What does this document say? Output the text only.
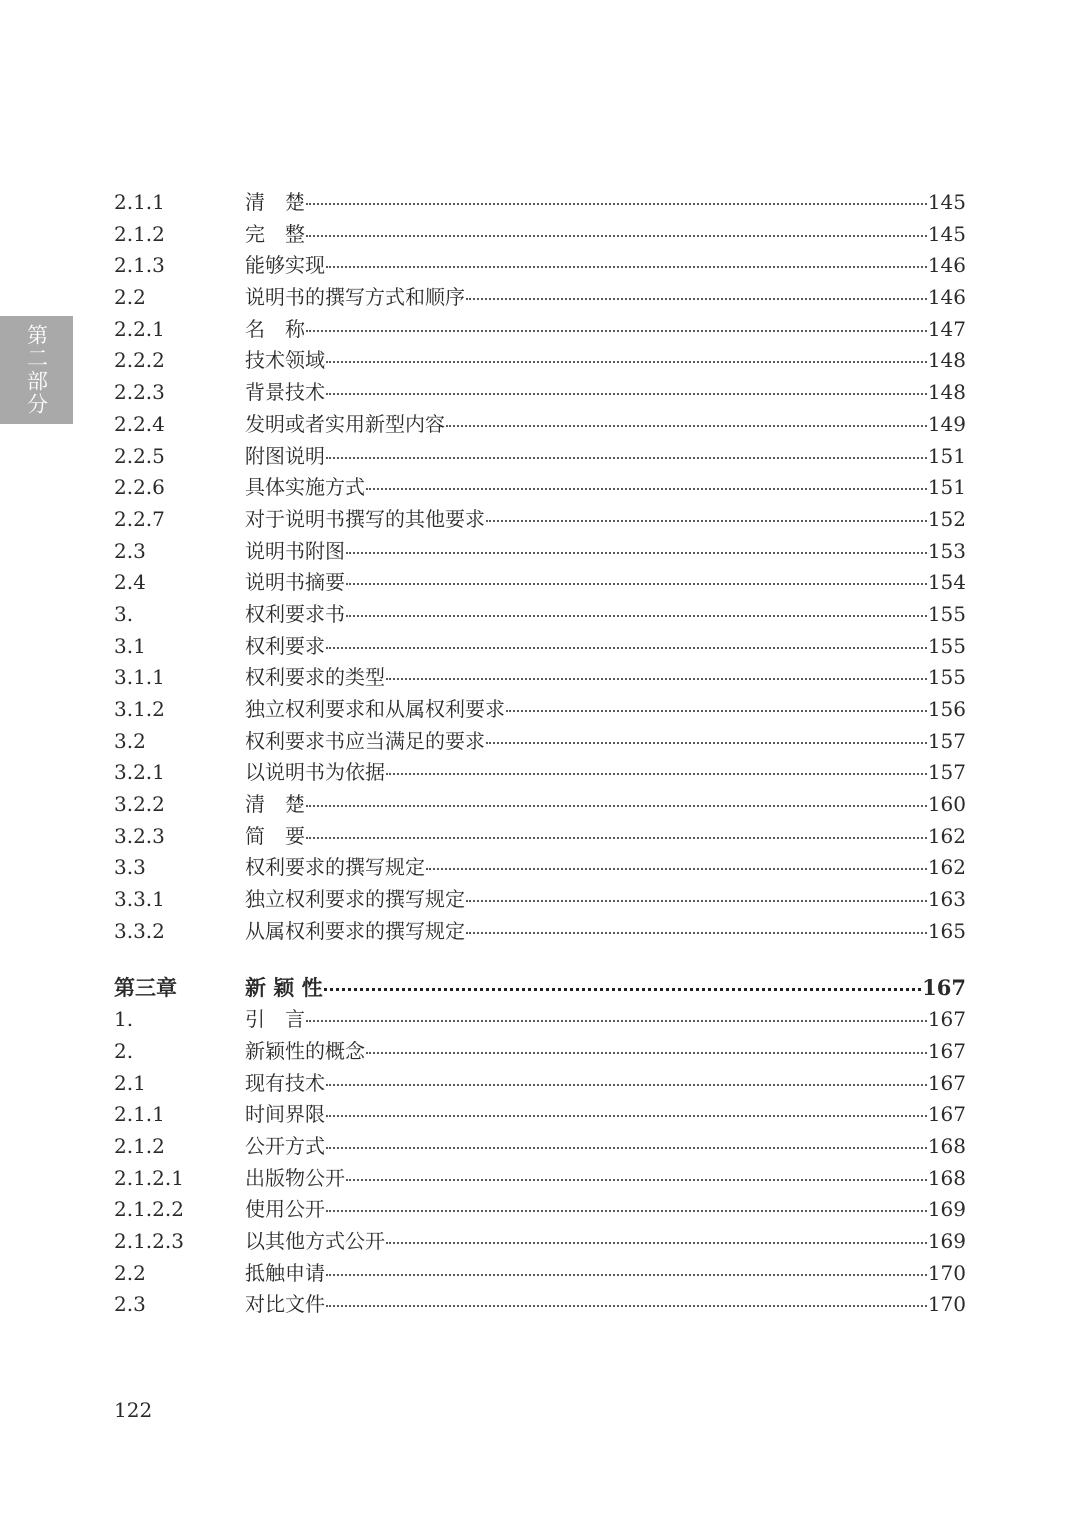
第二部分
2.1.1	清　楚	145
2.1.2	完　整	145
2.1.3	能够实现	146
2.2	说明书的撰写方式和顺序	146
2.2.1	名　称	147
2.2.2	技术领域	148
2.2.3	背景技术	148
2.2.4	发明或者实用新型内容	149
2.2.5	附图说明	151
2.2.6	具体实施方式	151
2.2.7	对于说明书撰写的其他要求	152
2.3	说明书附图	153
2.4	说明书摘要	154
3.	权利要求书	155
3.1	权利要求	155
3.1.1	权利要求的类型	155
3.1.2	独立权利要求和从属权利要求	156
3.2	权利要求书应当满足的要求	157
3.2.1	以说明书为依据	157
3.2.2	清　楚	160
3.2.3	简　要	162
3.3	权利要求的撰写规定	162
3.3.1	独立权利要求的撰写规定	163
3.3.2	从属权利要求的撰写规定	165
第三章	新 颖 性	167
1.	引　言	167
2.	新颖性的概念	167
2.1	现有技术	167
2.1.1	时间界限	167
2.1.2	公开方式	168
2.1.2.1	出版物公开	168
2.1.2.2	使用公开	169
2.1.2.3	以其他方式公开	169
2.2	抵触申请	170
2.3	对比文件	170
122
